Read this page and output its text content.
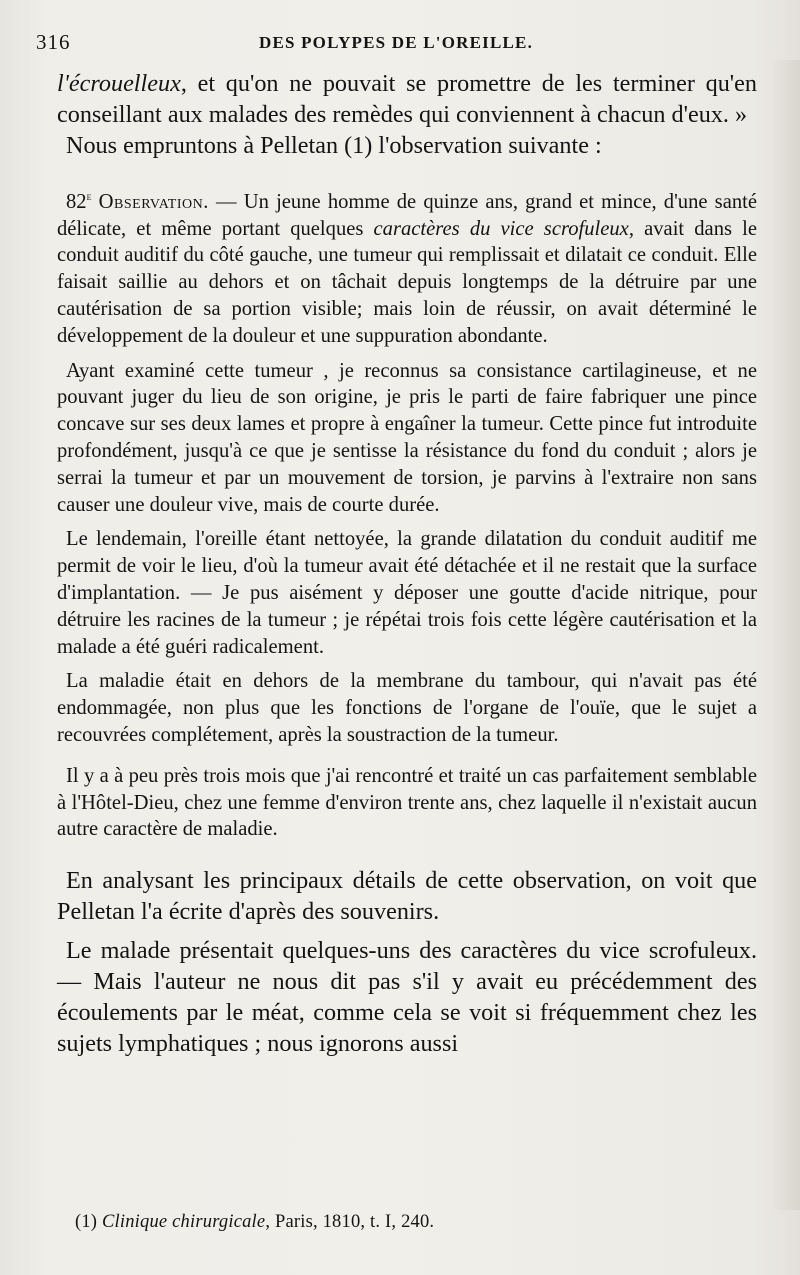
316	DES POLYPES DE L'OREILLE.

l'écrouelleux, et qu'on ne pouvait se promettre de les terminer qu'en conseillant aux malades des remèdes qui conviennent à chacun d'eux. »

Nous empruntons à Pelletan (1) l'observation suivante :

82e Observation. — Un jeune homme de quinze ans, grand et mince, d'une santé délicate, et même portant quelques caractères du vice scrofuleux, avait dans le conduit auditif du côté gauche, une tumeur qui remplissait et dilatait ce conduit. Elle faisait saillie au dehors et on tâchait depuis longtemps de la détruire par une cautérisation de sa portion visible; mais loin de réussir, on avait déterminé le développement de la douleur et une suppuration abondante.

Ayant examiné cette tumeur , je reconnus sa consistance cartilagineuse, et ne pouvant juger du lieu de son origine, je pris le parti de faire fabriquer une pince concave sur ses deux lames et propre à engaîner la tumeur. Cette pince fut introduite profondément, jusqu'à ce que je sentisse la résistance du fond du conduit ; alors je serrai la tumeur et par un mouvement de torsion, je parvins à l'extraire non sans causer une douleur vive, mais de courte durée.

Le lendemain, l'oreille étant nettoyée, la grande dilatation du conduit auditif me permit de voir le lieu, d'où la tumeur avait été détachée et il ne restait que la surface d'implantation. — Je pus aisément y déposer une goutte d'acide nitrique, pour détruire les racines de la tumeur ; je répétai trois fois cette légère cautérisation et la malade a été guéri radicalement.

La maladie était en dehors de la membrane du tambour, qui n'avait pas été endommagée, non plus que les fonctions de l'organe de l'ouïe, que le sujet a recouvrées complétement, après la soustraction de la tumeur.

Il y a à peu près trois mois que j'ai rencontré et traité un cas parfaitement semblable à l'Hôtel-Dieu, chez une femme d'environ trente ans, chez laquelle il n'existait aucun autre caractère de maladie.

En analysant les principaux détails de cette observation, on voit que Pelletan l'a écrite d'après des souvenirs.

Le malade présentait quelques-uns des caractères du vice scrofuleux. — Mais l'auteur ne nous dit pas s'il y avait eu précédemment des écoulements par le méat, comme cela se voit si fréquemment chez les sujets lymphatiques ; nous ignorons aussi

(1) Clinique chirurgicale, Paris, 1810, t. I, 240.
